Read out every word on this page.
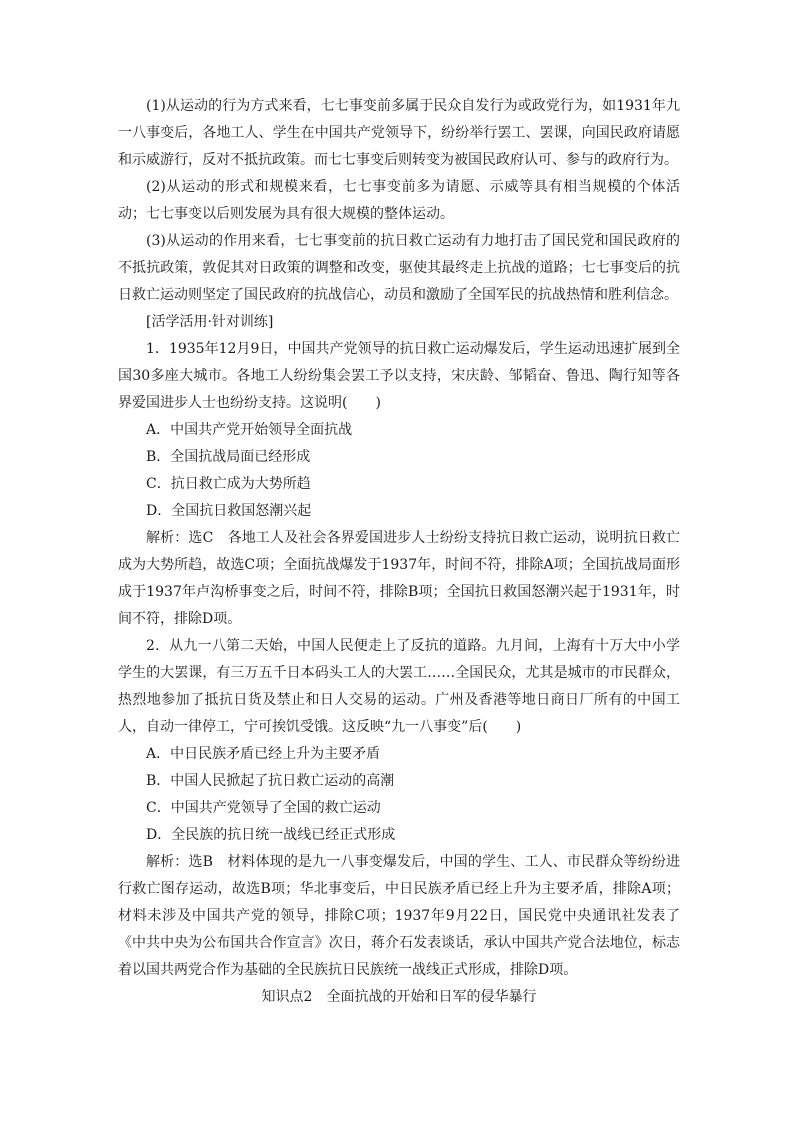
(1)从运动的行为方式来看，七七事变前多属于民众自发行为或政党行为，如1931年九一八事变后，各地工人、学生在中国共产党领导下，纷纷举行罢工、罢课，向国民政府请愿和示威游行，反对不抵抗政策。而七七事变后则转变为被国民政府认可、参与的政府行为。

(2)从运动的形式和规模来看，七七事变前多为请愿、示威等具有相当规模的个体活动；七七事变以后则发展为具有很大规模的整体运动。

(3)从运动的作用来看，七七事变前的抗日救亡运动有力地打击了国民党和国民政府的不抵抗政策，敦促其对日政策的调整和改变，驱使其最终走上抗战的道路；七七事变后的抗日救亡运动则坚定了国民政府的抗战信心，动员和激励了全国军民的抗战热情和胜利信念。

[活学活用·针对训练]

1．1935年12月9日，中国共产党领导的抗日救亡运动爆发后，学生运动迅速扩展到全国30多座大城市。各地工人纷纷集会罢工予以支持，宋庆龄、邹韬奋、鲁迅、陶行知等各界爱国进步人士也纷纷支持。这说明(　　)

A．中国共产党开始领导全面抗战

B．全国抗战局面已经形成

C．抗日救亡成为大势所趋

D．全国抗日救国怒潮兴起

解析：选C　各地工人及社会各界爱国进步人士纷纷支持抗日救亡运动，说明抗日救亡成为大势所趋，故选C项；全面抗战爆发于1937年，时间不符，排除A项；全国抗战局面形成于1937年卢沟桥事变之后，时间不符，排除B项；全国抗日救国怒潮兴起于1931年，时间不符，排除D项。

2．从九一八第二天始，中国人民便走上了反抗的道路。九月间，上海有十万大中小学学生的大罢课，有三万五千日本码头工人的大罢工……全国民众，尤其是城市的市民群众，热烈地参加了抵抗日货及禁止和日人交易的运动。广州及香港等地日商日厂所有的中国工人，自动一律停工，宁可挨饥受饿。这反映“九一八事变”后(　　)

A．中日民族矛盾已经上升为主要矛盾

B．中国人民掀起了抗日救亡运动的高潮

C．中国共产党领导了全国的救亡运动

D．全民族的抗日统一战线已经正式形成

解析：选B　材料体现的是九一八事变爆发后，中国的学生、工人、市民群众等纷纷进行救亡图存运动，故选B项；华北事变后，中日民族矛盾已经上升为主要矛盾，排除A项；材料未涉及中国共产党的领导，排除C项；1937年9月22日，国民党中央通讯社发表了《中共中央为公布国共合作宣言》次日，蒋介石发表谈话，承认中国共产党合法地位，标志着以国共两党合作为基础的全民族抗日民族统一战线正式形成，排除D项。

知识点2　全面抗战的开始和日军的侵华暴行
